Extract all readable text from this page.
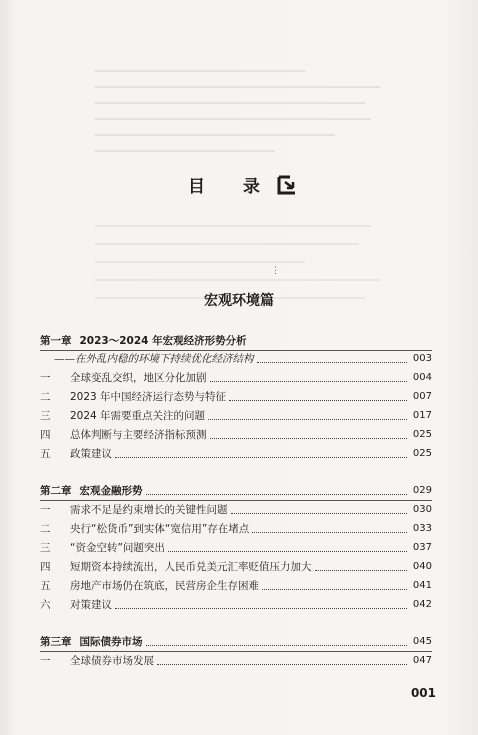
目 录
⋮
宏观环境篇
第一章 2023～2024 年宏观经济形势分析
——在外乱内稳的环境下持续优化经济结构	003
一	全球变乱交织，地区分化加剧	004
二	2023 年中国经济运行态势与特征	007
三	2024 年需要重点关注的问题	017
四	总体判断与主要经济指标预测	025
五	政策建议	025
第二章 宏观金融形势	029
一	需求不足是约束增长的关键性问题	030
二	央行“松货币”到实体“宽信用”存在堵点	033
三	“资金空转”问题突出	037
四	短期资本持续流出，人民币兑美元汇率贬值压力加大	040
五	房地产市场仍在筑底，民营房企生存困难	041
六	对策建议	042
第三章 国际债券市场	045
一	全球债券市场发展	047
001
